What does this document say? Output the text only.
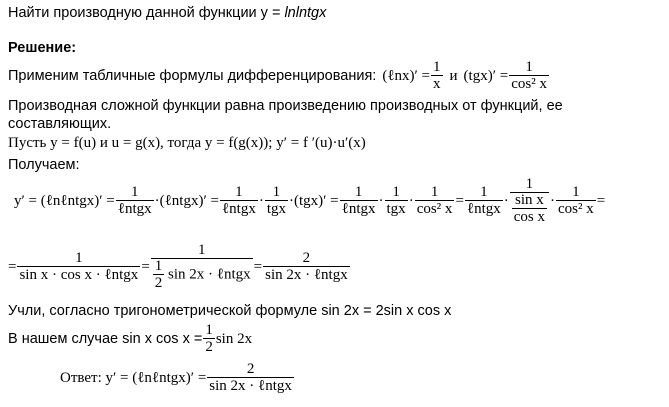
Найти производную данной функции y = lnlntgx
Решение:
Применим табличные формулы дифференцирования: (ℓnx)′ = $\frac{1}{x}$ и $(tgx)' = \frac{1}{\text{cos² x}}$
Производная сложной функции равна произведению производных от функций, ее
составляющих.
Пусть y = f(u) и u = g(x), тогда y = f(g(x)); y′ = f ′(u)·u′(x)
Получаем:
y′ = (ℓnℓntgx)′ = $\frac{1}{\text{ℓntgx}}$ ·(ℓntgx)′ = $\frac{1}{\text{ℓntgx}} \cdot \frac{1}{\text{tgx}} \cdot(tgx)' = \frac{1}{\text{ℓntgx}} \cdot \frac{1}{\text{tgx}} \cdot \frac{1}{\text{cos² x}} = \frac{1}{\text{ℓntgx}} \cdot \frac{1}{\frac{\text{sin x}}{\text{cos x}}} \cdot \frac{1}{\text{cos² x}}$ =
= $\frac{1}{\text{sin x · cos x · ℓntgx}} = \frac{1}{\frac{1}{2} \sin 2x \cdot \ell ntgx} = \frac{2}{\text{sin 2x · ℓntgx}}$
Учли, согласно тригонометрической формуле sin 2x = 2sin x cos x
В нашем случае sin x $\cos x = \frac{1}{2}$ sin 2x
Ответ: y′ = (ℓnℓntgx)′ = $\frac{2}{\text{sin 2x · ℓntgx}}$
